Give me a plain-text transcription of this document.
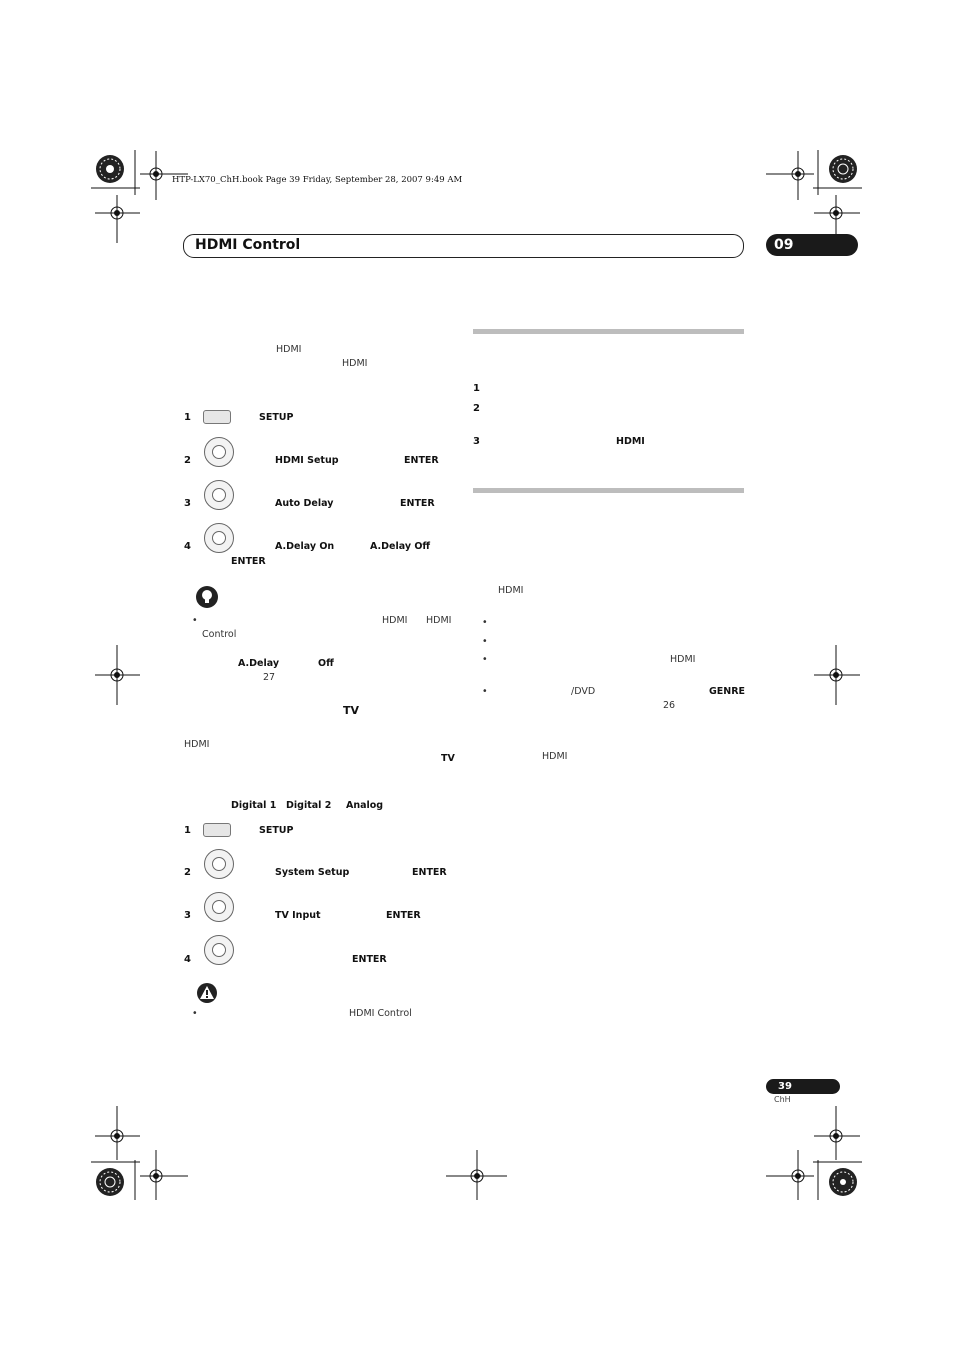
HTP-LX70_ChH.book Page 39 Friday, September 28, 2007 9:49 AM
HDMI Control	09
HDMI
HDMI
1	SETUP
2	HDMI Setup	ENTER
3	Auto Delay	ENTER
4	A.Delay On	A.Delay Off
ENTER
•	HDMI HDMI
Control
A.Delay	Off
27
TV
HDMI
TV
Digital 1 Digital 2 Analog
1	SETUP
2	System Setup	ENTER
3	TV Input	ENTER
4	ENTER
•	HDMI Control
1
2
3	HDMI
HDMI
•
•
•	HDMI
•	/DVD	GENRE
26
HDMI
39
ChH
